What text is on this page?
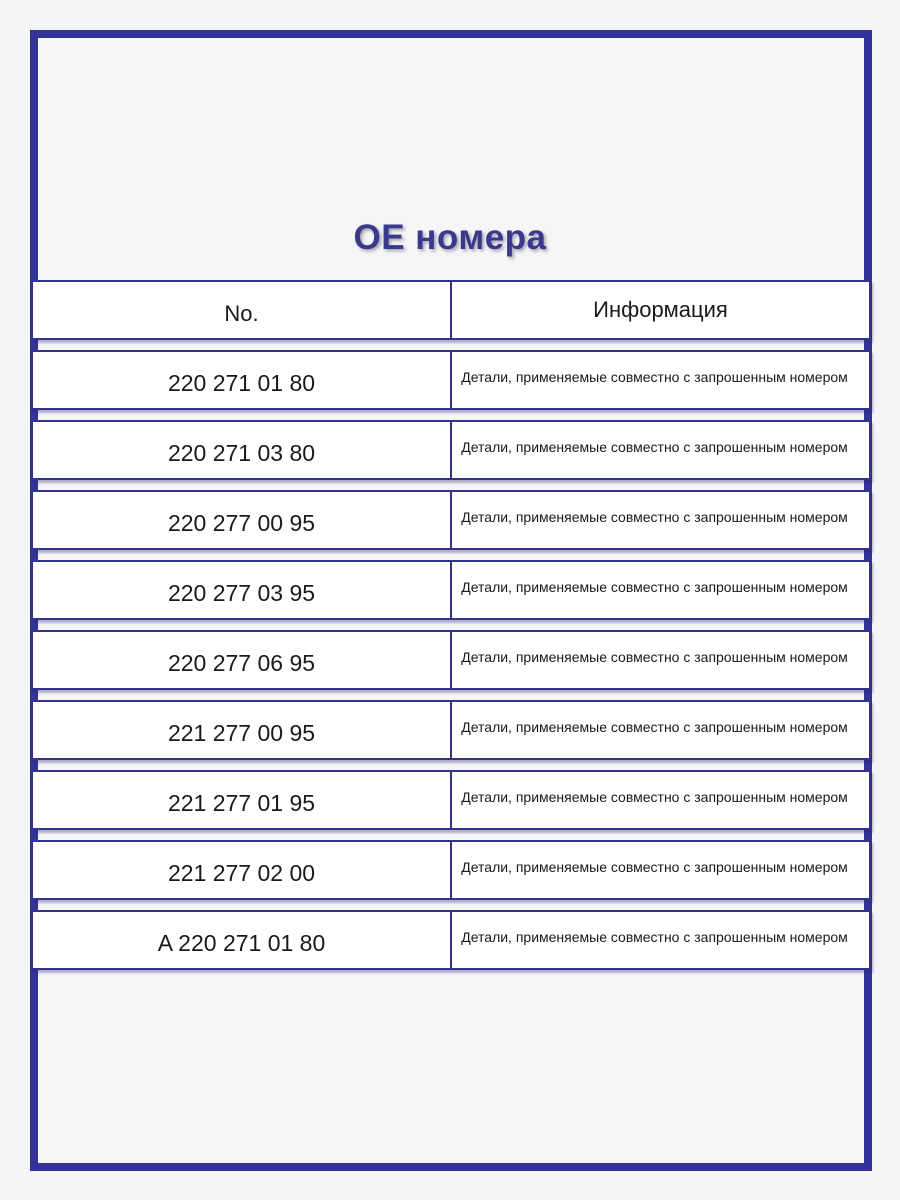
OE номера
No.	Информация
220 271 01 80	Детали, применяемые совместно с запрошенным номером
220 271 03 80	Детали, применяемые совместно с запрошенным номером
220 277 00 95	Детали, применяемые совместно с запрошенным номером
220 277 03 95	Детали, применяемые совместно с запрошенным номером
220 277 06 95	Детали, применяемые совместно с запрошенным номером
221 277 00 95	Детали, применяемые совместно с запрошенным номером
221 277 01 95	Детали, применяемые совместно с запрошенным номером
221 277 02 00	Детали, применяемые совместно с запрошенным номером
A 220 271 01 80	Детали, применяемые совместно с запрошенным номером
